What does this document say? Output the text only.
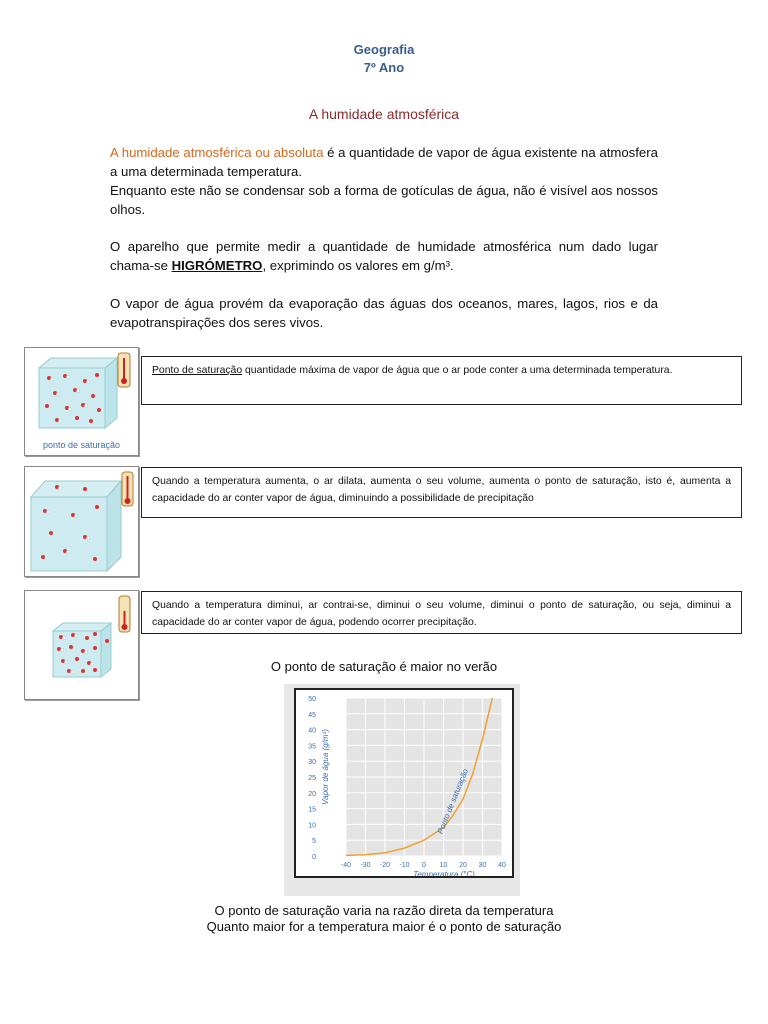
Geografia
7º Ano
A humidade atmosférica
A humidade atmosférica ou absoluta é a quantidade de vapor de água existente na atmosfera a uma determinada temperatura.
Enquanto este não se condensar sob a forma de gotículas de água, não é visível aos nossos olhos.
O aparelho que permite medir a quantidade de humidade atmosférica num dado lugar chama-se HIGRÓMETRO, exprimindo os valores em g/m³.
O vapor de água provém da evaporação das águas dos oceanos, mares, lagos, rios e da evapotranspirações dos seres vivos.
ponto de saturação
Ponto de saturação quantidade máxima de vapor de água que o ar pode conter a uma determinada temperatura.
Quando a temperatura aumenta, o ar dilata, aumenta o seu volume, aumenta o ponto de saturação, isto é, aumenta a capacidade do ar conter vapor de água, diminuindo a possibilidade de precipitação
Quando a temperatura diminui, ar contrai-se, diminui o seu volume, diminui o ponto de saturação, ou seja, diminui a capacidade do ar conter vapor de água, podendo ocorrer precipitação.
O ponto de saturação é maior no verão
0
5
10
15
20
25
30
35
40
45
50
-40 -30 -20 -10 0 10 20 30 40
Vapor de água (g/m³)	Ponto de saturação
Temperatura (°C)
O ponto de saturação varia na razão direta da temperatura
Quanto maior for a temperatura maior é o ponto de saturação
